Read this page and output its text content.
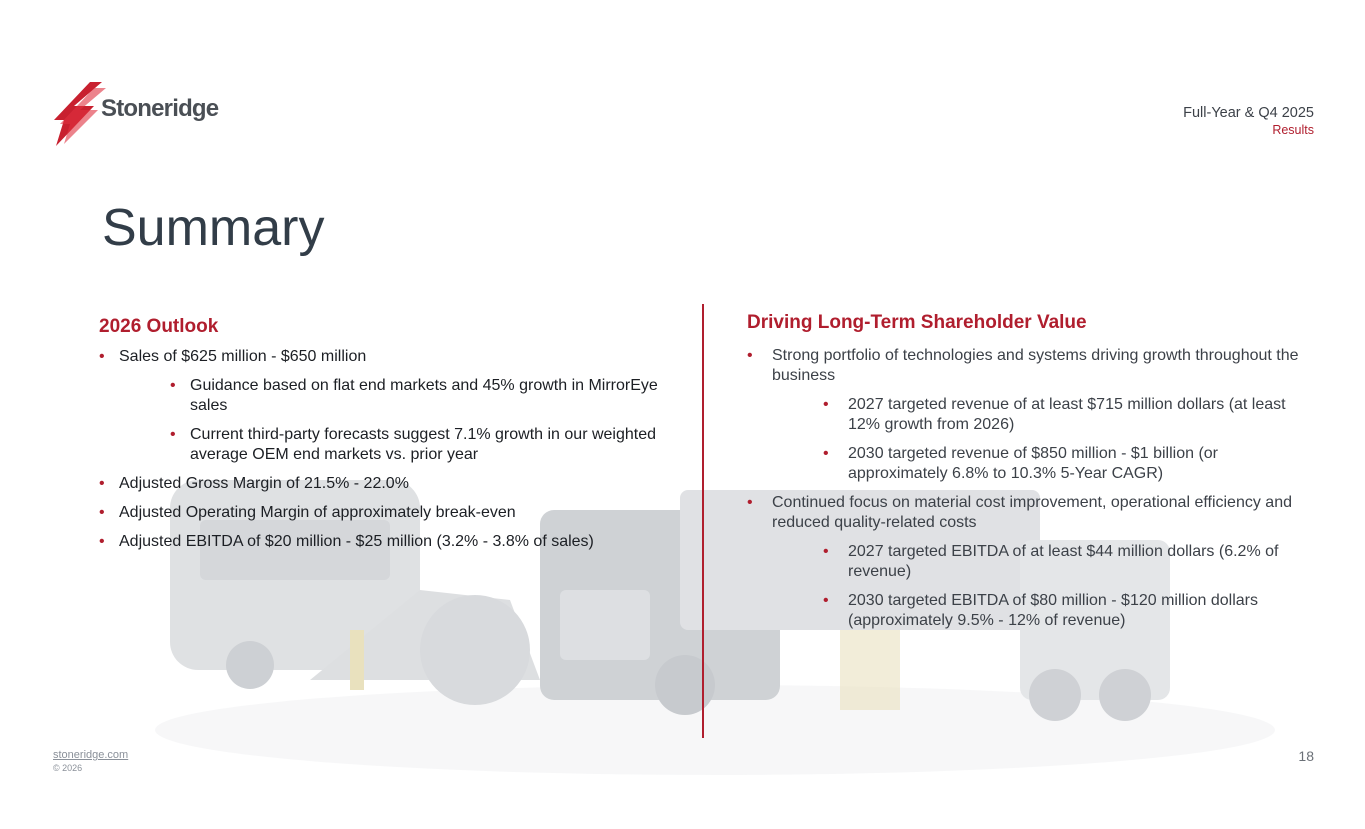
Stoneridge	Full-Year & Q4 2025
Results
Summary
2026 Outlook
• Sales of $625 million - $650 million
• Guidance based on flat end markets and 45% growth in MirrorEye sales
• Current third-party forecasts suggest 7.1% growth in our weighted average OEM end markets vs. prior year
• Adjusted Gross Margin of 21.5% - 22.0%
• Adjusted Operating Margin of approximately break-even
• Adjusted EBITDA of $20 million - $25 million (3.2% - 3.8% of sales)
Driving Long-Term Shareholder Value
• Strong portfolio of technologies and systems driving growth throughout the business
• 2027 targeted revenue of at least $715 million dollars (at least 12% growth from 2026)
• 2030 targeted revenue of $850 million - $1 billion (or approximately 6.8% to 10.3% 5-Year CAGR)
• Continued focus on material cost improvement, operational efficiency and reduced quality-related costs
• 2027 targeted EBITDA of at least $44 million dollars (6.2% of revenue)
• 2030 targeted EBITDA of $80 million - $120 million dollars (approximately 9.5% - 12% of revenue)
stoneridge.com
© 2026
18
